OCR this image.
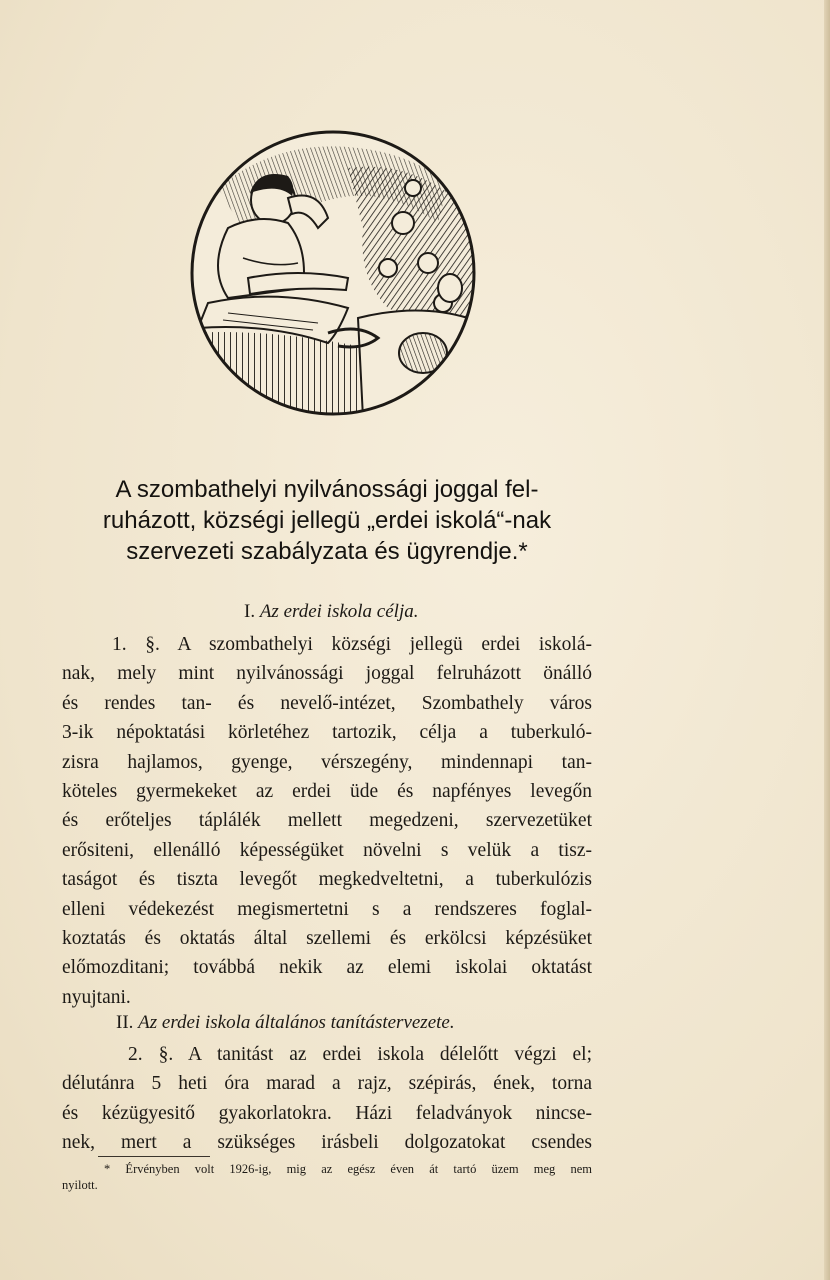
A szombathelyi nyilvánossági joggal fel-
ruházott, községi jellegü „erdei iskolá“-nak
szervezeti szabályzata és ügyrendje.*
I. Az erdei iskola célja.
1. §. A szombathelyi községi jellegü erdei iskolá-
nak, mely mint nyilvánossági joggal felruházott önálló
és rendes tan- és nevelő-intézet, Szombathely város
3-ik népoktatási körletéhez tartozik, célja a tuberkuló-
zisra hajlamos, gyenge, vérszegény, mindennapi tan-
köteles gyermekeket az erdei üde és napfényes levegőn
és erőteljes táplálék mellett megedzeni, szervezetüket
erősiteni, ellenálló képességüket növelni s velük a tisz-
taságot és tiszta levegőt megkedveltetni, a tuberkulózis
elleni védekezést megismertetni s a rendszeres foglal-
koztatás és oktatás által szellemi és erkölcsi képzésüket
előmozditani; továbbá nekik az elemi iskolai oktatást
nyujtani.
II. Az erdei iskola általános tanítástervezete.
2. §. A tanitást az erdei iskola délelőtt végzi el;
délutánra 5 heti óra marad a rajz, szépirás, ének, torna
és kézügyesitő gyakorlatokra. Házi feladványok nincse-
nek, mert a szükséges irásbeli dolgozatokat csendes
* Érvényben volt 1926-ig, mig az egész éven át tartó üzem meg nem
nyilott.
